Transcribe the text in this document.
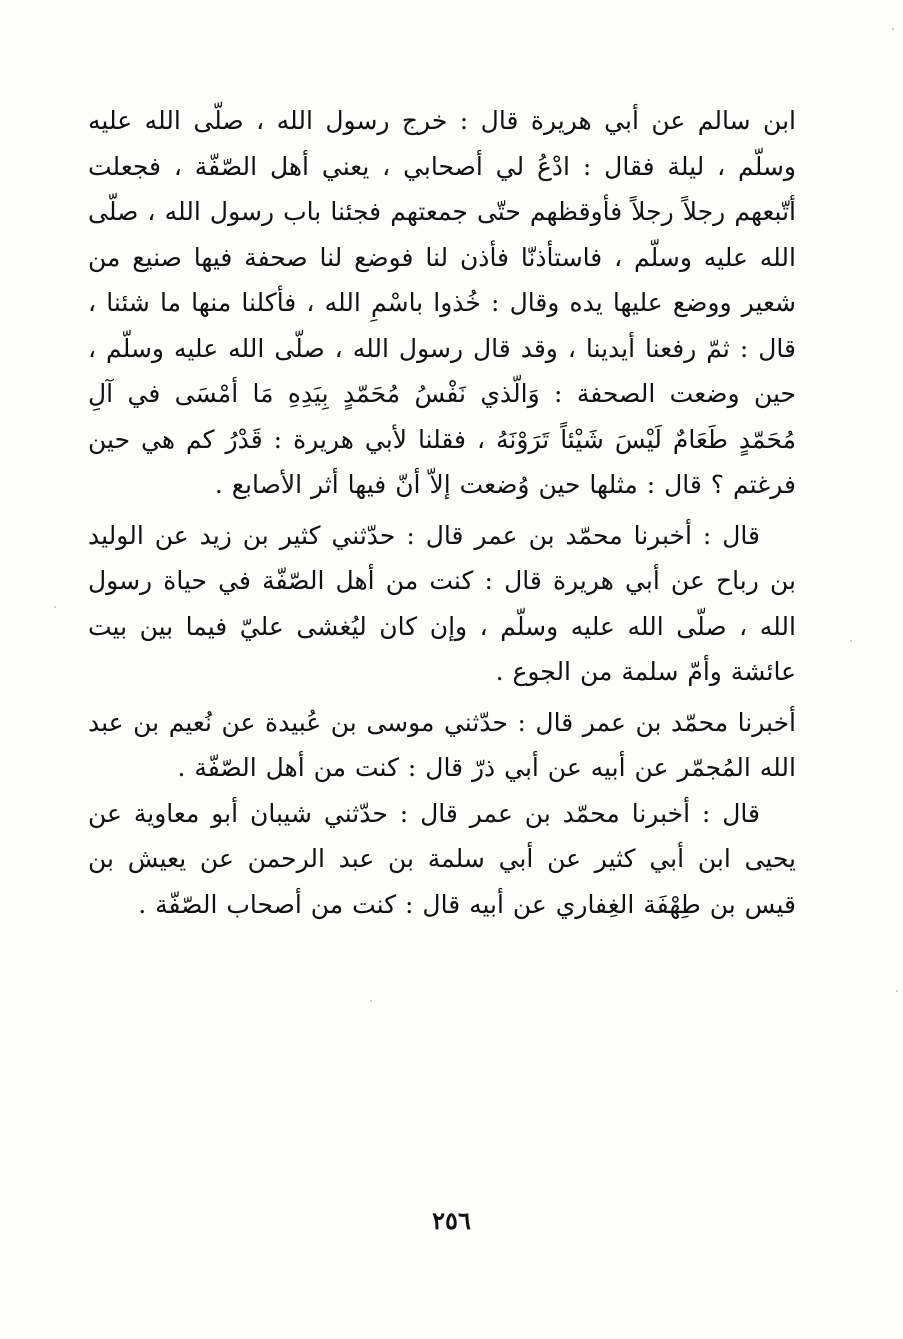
ابن سالم عن أبي هريرة قال : خرج رسول الله ، صلّى الله عليه وسلّم ، ليلة فقال : ادْعُ لي أصحابي ، يعني أهل الصّفّة ، فجعلت أتّبعهم رجلاً رجلاً فأوقظهم حتّى جمعتهم فجئنا باب رسول الله ، صلّى الله عليه وسلّم ، فاستأذنّا فأذن لنا فوضع لنا صحفة فيها صنيع من شعير ووضع عليها يده وقال : خُذوا باسْمِ الله ، فأكلنا منها ما شئنا ، قال : ثمّ رفعنا أيدينا ، وقد قال رسول الله ، صلّى الله عليه وسلّم ، حين وضعت الصحفة : وَالّذي نَفْسُ مُحَمّدٍ بِيَدِهِ مَا أمْسَى في آلِ مُحَمّدٍ طَعَامٌ لَيْسَ شَيْئاً تَرَوْنَهُ ، فقلنا لأبي هريرة : قَدْرُ كم هي حين فرغتم ؟ قال : مثلها حين وُضعت إلاّ أنّ فيها أثر الأصابع .

قال : أخبرنا محمّد بن عمر قال : حدّثني كثير بن زيد عن الوليد بن رباح عن أبي هريرة قال : كنت من أهل الصّفّة في حياة رسول الله ، صلّى الله عليه وسلّم ، وإن كان ليُغشى عليّ فيما بين بيت عائشة وأمّ سلمة من الجوع .

أخبرنا محمّد بن عمر قال : حدّثني موسى بن عُبيدة عن نُعيم بن عبد الله المُجمّر عن أبيه عن أبي ذرّ قال : كنت من أهل الصّفّة .

قال : أخبرنا محمّد بن عمر قال : حدّثني شيبان أبو معاوية عن يحيى ابن أبي كثير عن أبي سلمة بن عبد الرحمن عن يعيش بن قيس بن طِهْفَة الغِفاري عن أبيه قال : كنت من أصحاب الصّفّة .

٢٥٦
